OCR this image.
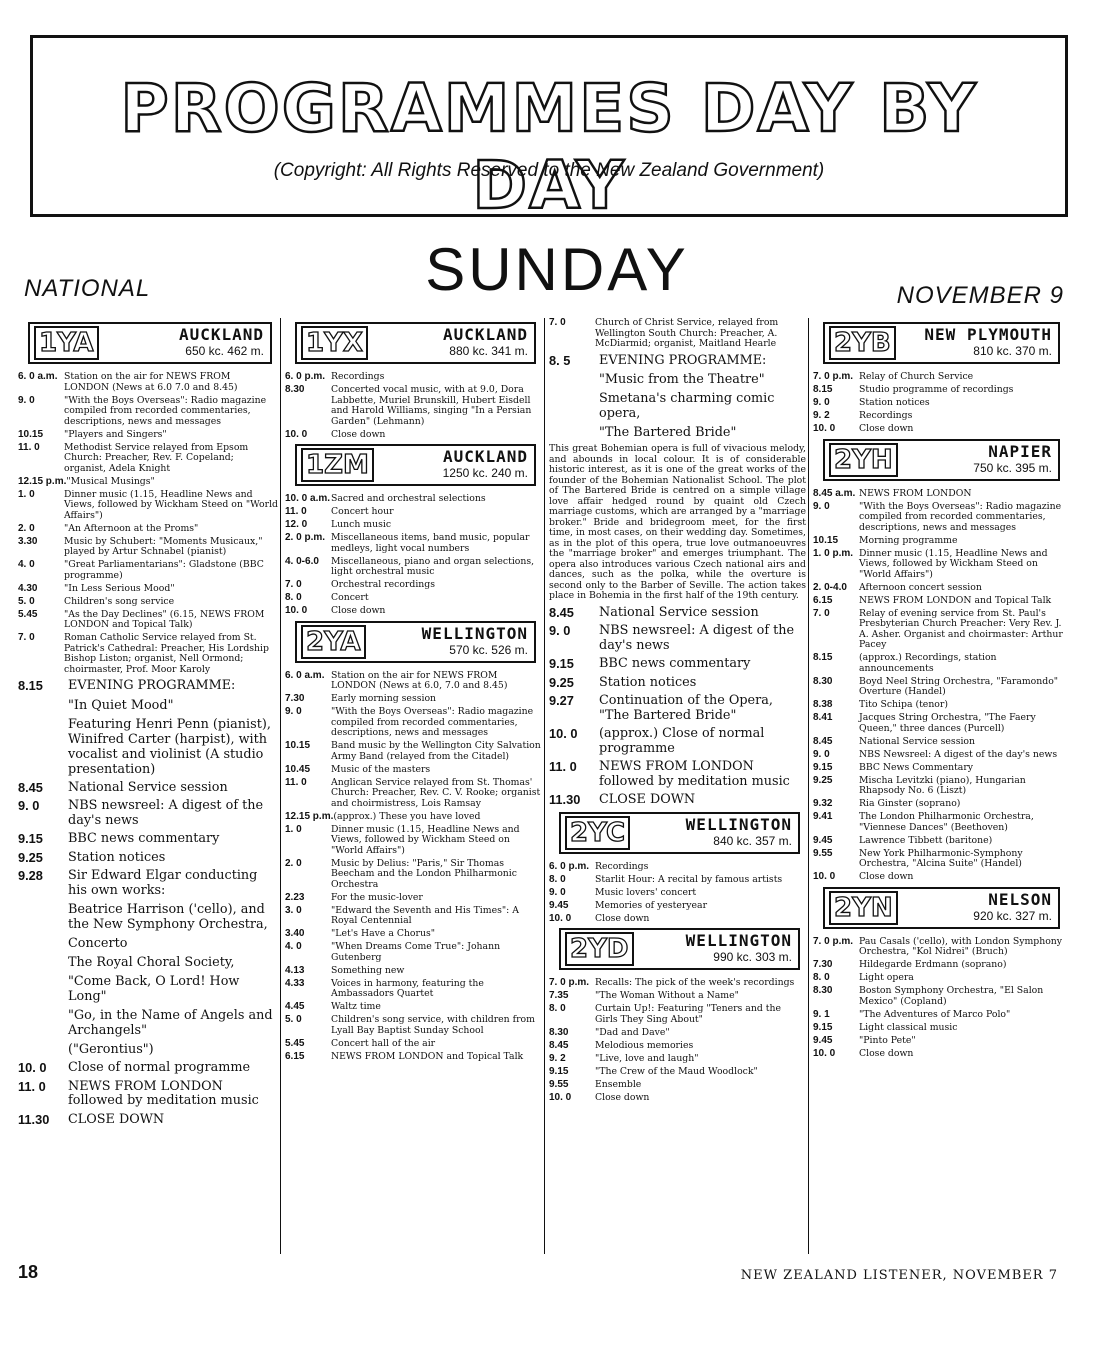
PROGRAMMES DAY BY DAY
(Copyright: All Rights Reserved to the New Zealand Government)
SUNDAY
NATIONAL	NOVEMBER 9
1YA	AUCKLAND
650 kc. 462 m.
6. 0 a.m. Station on the air for NEWS FROM LONDON (News at 6.0 7.0 and 8.45)
9. 0	"With the Boys Overseas": Radio magazine compiled from recorded commentaries, descriptions, news and messages
10.15	"Players and Singers"
11. 0	Methodist Service relayed from Epsom Church: Preacher, Rev. F. Copeland; organist, Adela Knight
12.15 p.m. "Musical Musings"
1. 0	Dinner music (1.15, Headline News and Views, followed by Wickham Steed on "World Affairs")
2. 0	"An Afternoon at the Proms"
3.30	Music by Schubert: "Moments Musicaux," played by Artur Schnabel (pianist)
4. 0	"Great Parliamentarians": Gladstone (BBC programme)
4.30	"In Less Serious Mood"
5. 0	Children's song service
5.45	"As the Day Declines" (6.15, NEWS FROM LONDON and Topical Talk)
7. 0	Roman Catholic Service relayed from St. Patrick's Cathedral: Preacher, His Lordship Bishop Liston; organist, Nell Ormond; choirmaster, Prof. Moor Karoly
8.15	EVENING PROGRAMME:
"In Quiet Mood"
Featuring Henri Penn (pianist), Winifred Carter (harpist), with vocalist and violinist (A studio presentation)
8.45	National Service session
9. 0	NBS newsreel: A digest of the day's news
9.15	BBC news commentary
9.25	Station notices
9.28	Sir Edward Elgar conducting his own works:
Beatrice Harrison ('cello), and the New Symphony Orchestra,
Concerto
The Royal Choral Society,
"Come Back, O Lord! How Long"
"Go, in the Name of Angels and Archangels"
("Gerontius")
10. 0	Close of normal programme
11. 0	NEWS FROM LONDON followed by meditation music
11.30	CLOSE DOWN
1YX	AUCKLAND
880 kc. 341 m.
6. 0 p.m. Recordings
8.30	Concerted vocal music, with at 9.0, Dora Labbette, Muriel Brunskill, Hubert Eisdell and Harold Williams, singing "In a Persian Garden" (Lehmann)
10. 0	Close down
1ZM	AUCKLAND
1250 kc. 240 m.
10. 0 a.m. Sacred and orchestral selections
11. 0	Concert hour
12. 0	Lunch music
2. 0 p.m. Miscellaneous items, band music, popular medleys, light vocal numbers
4. 0-6.0	Miscellaneous, piano and organ selections, light orchestral music
7. 0	Orchestral recordings
8. 0	Concert
10. 0	Close down
2YA	WELLINGTON
570 kc. 526 m.
6. 0 a.m. Station on the air for NEWS FROM LONDON (News at 6.0, 7.0 and 8.45)
7.30	Early morning session
9. 0	"With the Boys Overseas": Radio magazine compiled from recorded commentaries, descriptions, news and messages
10.15	Band music by the Wellington City Salvation Army Band (relayed from the Citadel)
10.45	Music of the masters
11. 0	Anglican Service relayed from St. Thomas' Church: Preacher, Rev. C. V. Rooke; organist and choirmistress, Lois Ramsay
12.15 p.m. (approx.) These you have loved
1. 0	Dinner music (1.15, Headline News and Views, followed by Wickham Steed on "World Affairs")
2. 0	Music by Delius: "Paris," Sir Thomas Beecham and the London Philharmonic Orchestra
2.23	For the music-lover
3. 0	"Edward the Seventh and His Times": A Royal Centennial
3.40	"Let's Have a Chorus"
4. 0	"When Dreams Come True": Johann Gutenberg
4.13	Something new
4.33	Voices in harmony, featuring the Ambassadors Quartet
4.45	Waltz time
5. 0	Children's song service, with children from Lyall Bay Baptist Sunday School
5.45	Concert hall of the air
6.15	NEWS FROM LONDON and Topical Talk
7. 0	Church of Christ Service, relayed from Wellington South Church: Preacher, A. McDiarmid; organist, Maitland Hearle
8. 5	EVENING PROGRAMME:
"Music from the Theatre"
Smetana's charming comic opera,
"The Bartered Bride"
This great Bohemian opera is full of vivacious melody, and abounds in local colour. It is of considerable historic interest, as it is one of the great works of the founder of the Bohemian Nationalist School. The plot of The Bartered Bride is centred on a simple village love affair hedged round by quaint old Czech marriage customs, which are arranged by a "marriage broker." Bride and bridegroom meet, for the first time, in most cases, on their wedding day. Sometimes, as in the plot of this opera, true love outmanoeuvres the "marriage broker" and emerges triumphant. The opera also introduces various Czech national airs and dances, such as the polka, while the overture is second only to the Barber of Seville. The action takes place in Bohemia in the first half of the 19th century.
8.45	National Service session
9. 0	NBS newsreel: A digest of the day's news
9.15	BBC news commentary
9.25	Station notices
9.27	Continuation of the Opera, "The Bartered Bride"
10. 0	(approx.) Close of normal programme
11. 0	NEWS FROM LONDON followed by meditation music
11.30	CLOSE DOWN
2YC	WELLINGTON
840 kc. 357 m.
6. 0 p.m. Recordings
8. 0	Starlit Hour: A recital by famous artists
9. 0	Music lovers' concert
9.45	Memories of yesteryear
10. 0	Close down
2YD	WELLINGTON
990 kc. 303 m.
7. 0 p.m. Recalls: The pick of the week's recordings
7.35	"The Woman Without a Name"
8. 0	Curtain Up!: Featuring "Teners and the Girls They Sing About"
8.30	"Dad and Dave"
8.45	Melodious memories
9. 2	"Live, love and laugh"
9.15	"The Crew of the Maud Woodlock"
9.55	Ensemble
10. 0	Close down
2YB	NEW PLYMOUTH
810 kc. 370 m.
7. 0 p.m. Relay of Church Service
8.15	Studio programme of recordings
9. 0	Station notices
9. 2	Recordings
10. 0	Close down
2YH	NAPIER
750 kc. 395 m.
8.45 a.m. NEWS FROM LONDON
9. 0	"With the Boys Overseas": Radio magazine compiled from recorded commentaries, descriptions, news and messages
10.15	Morning programme
1. 0 p.m. Dinner music (1.15, Headline News and Views, followed by Wickham Steed on "World Affairs")
2. 0-4.0	Afternoon concert session
6.15	NEWS FROM LONDON and Topical Talk
7. 0	Relay of evening service from St. Paul's Presbyterian Church Preacher: Very Rev. J. A. Asher. Organist and choirmaster: Arthur Pacey
8.15	(approx.) Recordings, station announcements
8.30	Boyd Neel String Orchestra, "Faramondo" Overture (Handel)
8.38	Tito Schipa (tenor)
8.41	Jacques String Orchestra, "The Faery Queen," three dances (Purcell)
8.45	National Service session
9. 0	NBS Newsreel: A digest of the day's news
9.15	BBC News Commentary
9.25	Mischa Levitzki (piano), Hungarian Rhapsody No. 6 (Liszt)
9.32	Ria Ginster (soprano)
9.41	The London Philharmonic Orchestra, "Viennese Dances" (Beethoven)
9.45	Lawrence Tibbett (baritone)
9.55	New York Philharmonic-Symphony Orchestra, "Alcina Suite" (Handel)
10. 0	Close down
2YN	NELSON
920 kc. 327 m.
7. 0 p.m. Pau Casals ('cello), with London Symphony Orchestra, "Kol Nidrei" (Bruch)
7.30	Hildegarde Erdmann (soprano)
8. 0	Light opera
8.30	Boston Symphony Orchestra, "El Salon Mexico" (Copland)
9. 1	"The Adventures of Marco Polo"
9.15	Light classical music
9.45	"Pinto Pete"
10. 0	Close down
18	NEW ZEALAND LISTENER, NOVEMBER 7
